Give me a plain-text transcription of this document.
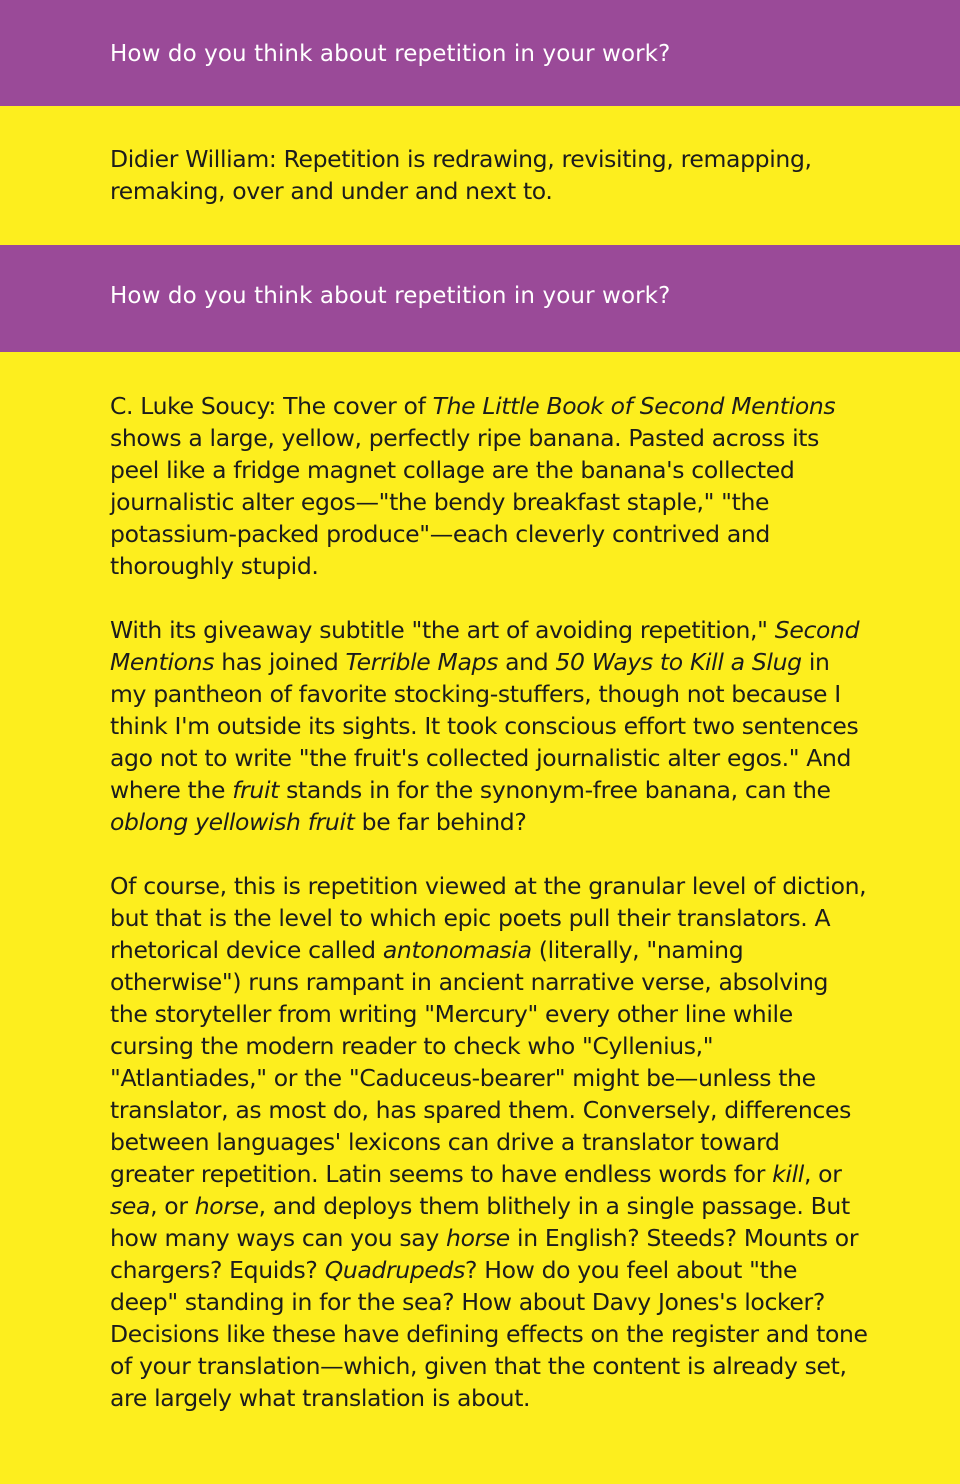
How do you think about repetition in your work?

Didier William: Repetition is redrawing, revisiting, remapping, remaking, over and under and next to.

How do you think about repetition in your work?

C. Luke Soucy: The cover of The Little Book of Second Mentions shows a large, yellow, perfectly ripe banana. Pasted across its peel like a fridge magnet collage are the banana's collected journalistic alter egos—"the bendy breakfast staple," "the potassium-packed produce"—each cleverly contrived and thoroughly stupid.

With its giveaway subtitle "the art of avoiding repetition," Second Mentions has joined Terrible Maps and 50 Ways to Kill a Slug in my pantheon of favorite stocking-stuffers, though not because I think I'm outside its sights. It took conscious effort two sentences ago not to write "the fruit's collected journalistic alter egos." And where the fruit stands in for the synonym-free banana, can the oblong yellowish fruit be far behind?

Of course, this is repetition viewed at the granular level of diction, but that is the level to which epic poets pull their translators. A rhetorical device called antonomasia (literally, "naming otherwise") runs rampant in ancient narrative verse, absolving the storyteller from writing "Mercury" every other line while cursing the modern reader to check who "Cyllenius," "Atlantiades," or the "Caduceus-bearer" might be—unless the translator, as most do, has spared them. Conversely, differences between languages' lexicons can drive a translator toward greater repetition. Latin seems to have endless words for kill, or sea, or horse, and deploys them blithely in a single passage. But how many ways can you say horse in English? Steeds? Mounts or chargers? Equids? Quadrupeds? How do you feel about "the deep" standing in for the sea? How about Davy Jones's locker? Decisions like these have defining effects on the register and tone of your translation—which, given that the content is already set, are largely what translation is about.
